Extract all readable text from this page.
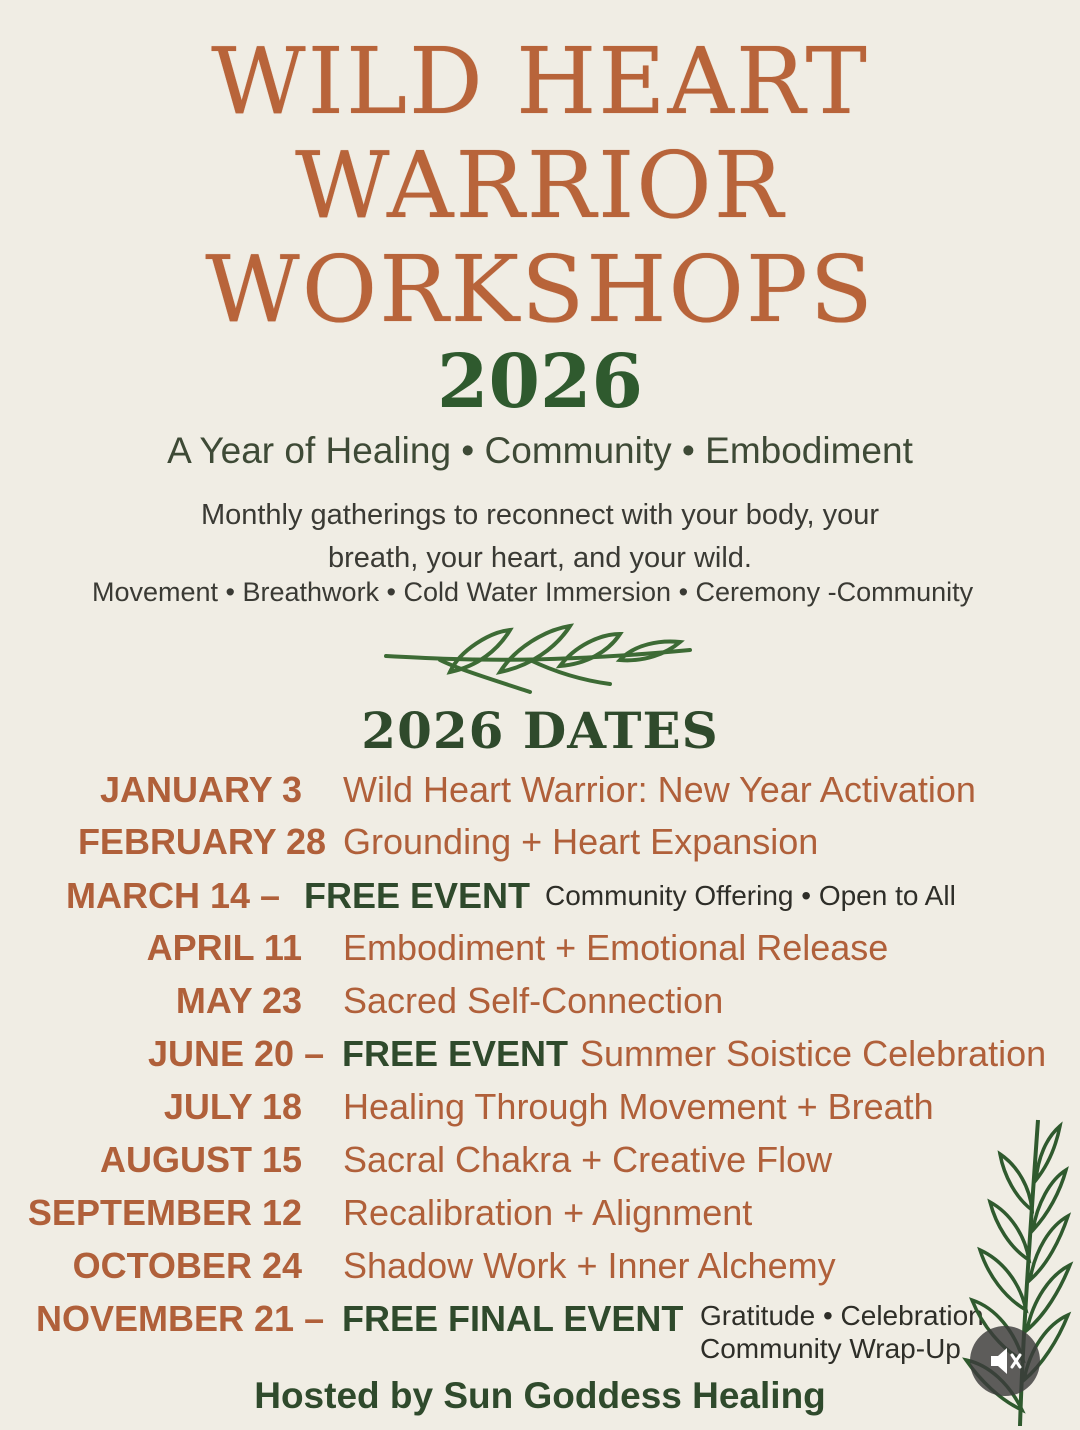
WILD HEART
WARRIOR
WORKSHOPS
2026
A Year of Healing • Community • Embodiment
Monthly gatherings to reconnect with your body, your
breath, your heart, and your wild.
Movement • Breathwork • Cold Water Immersion • Ceremony -Community
2026 DATES
JANUARY 3 Wild Heart Warrior: New Year Activation
FEBRUARY 28 Grounding + Heart Expansion
MARCH 14 – FREE EVENT Community Offering • Open to All
APRIL 11 Embodiment + Emotional Release
MAY 23 Sacred Self-Connection
JUNE 20 – FREE EVENT Summer Soistice Celebration
JULY 18 Healing Through Movement + Breath
AUGUST 15 Sacral Chakra + Creative Flow
SEPTEMBER 12 Recalibration + Alignment
OCTOBER 24 Shadow Work + Inner Alchemy
NOVEMBER 21 – FREE FINAL EVENT Gratitude • Celebration
Community Wrap-Up
Hosted by Sun Goddess Healing
